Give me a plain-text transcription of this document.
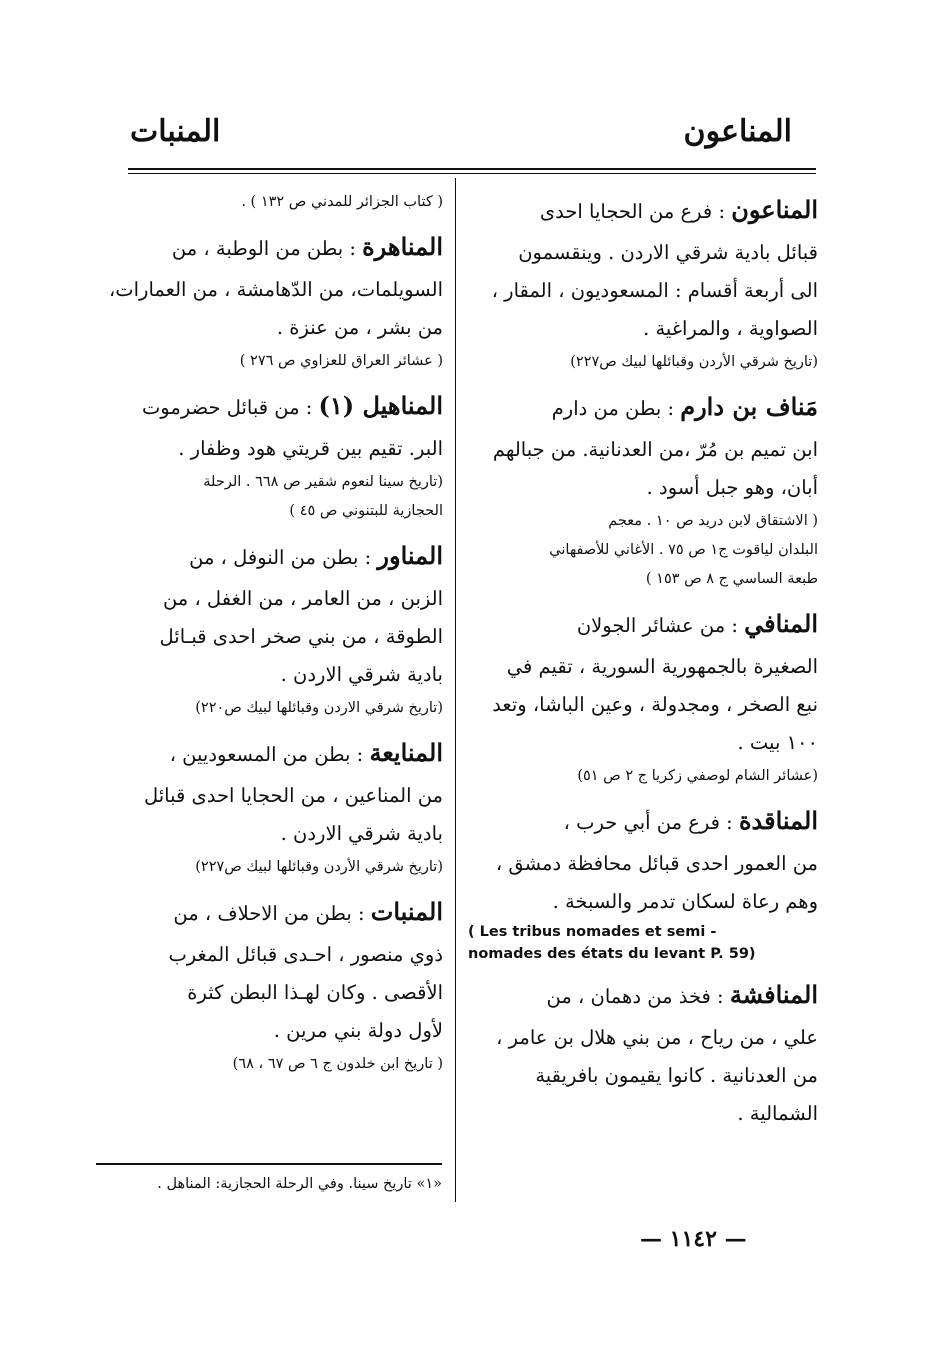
المناعون
المنبات
المناعون : فرع من الحجايا احدى
قبائل بادية شرقي الاردن . وينقسمون
الى أربعة أقسام : المسعوديون ، المقار ،
الصواوية ، والمراغية .
(تاريخ شرقي الأردن وقبائلها لبيك ص٢٢٧)
مَناف بن دارم : بطن من دارم
ابن تميم بن مُرّ ،من العدنانية. من جبالهم
أبان، وهو جبل أسود .
( الاشتقاق لابن دريد ص ١٠ . معجم
البلدان لياقوت ج١ ص ٧٥ . الأغاني للأصفهاني
طبعة الساسي ج ٨ ص ١٥٣ )
المنافي : من عشائر الجولان
الصغيرة بالجمهورية السورية ، تقيم في
نبع الصخر ، ومجدولة ، وعين الباشا، وتعد
١٠٠ بيت .
(عشائر الشام لوصفي زكريا ج ٢ ص ٥١)
المناقدة : فرع من أبي حرب ،
من العمور احدى قبائل محافظة دمشق ،
وهم رعاة لسكان تدمر والسبخة .
( Les tribus nomades et semi -
nomades des états du levant P. 59)
المنافشة : فخذ من دهمان ، من
علي ، من رياح ، من بني هلال بن عامر ،
من العدنانية . كانوا يقيمون بافريقية
الشمالية .
( كتاب الجزائر للمدني ص ١٣٢ ) .
المناهرة : بطن من الوطبة ، من
السويلمات، من الدّهامشة ، من العمارات،
من بشر ، من عنزة .
( عشائر العراق للعزاوي ص ٢٧٦ )
المناهيل (١) : من قبائل حضرموت
البر. تقيم بين قريتي هود وظفار .
(تاريخ سينا لنعوم شقير ص ٦٦٨ . الرحلة
الحجازية للبتنوني ص ٤٥ )
المناور : بطن من النوفل ، من
الزبن ، من العامر ، من الغفل ، من
الطوقة ، من بني صخر احدى قبـائل
بادية شرقي الاردن .
(تاريخ شرقي الاردن وقبائلها لبيك ص٢٢٠)
المنايعة : بطن من المسعوديين ،
من المناعين ، من الحجايا احدى قبائل
بادية شرقي الاردن .
(تاريخ شرقي الأردن وقبائلها لبيك ص٢٢٧)
المنبات : بطن من الاحلاف ، من
ذوي منصور ، احـدى قبائل المغرب
الأقصى . وكان لهـذا البطن كثرة
لأول دولة بني مرين .
( تاريخ ابن خلدون ج ٦ ص ٦٧ ، ٦٨)
«١» تاريخ سينا. وفي الرحلة الحجازية: المناهل .
— ١١٤٢ —
